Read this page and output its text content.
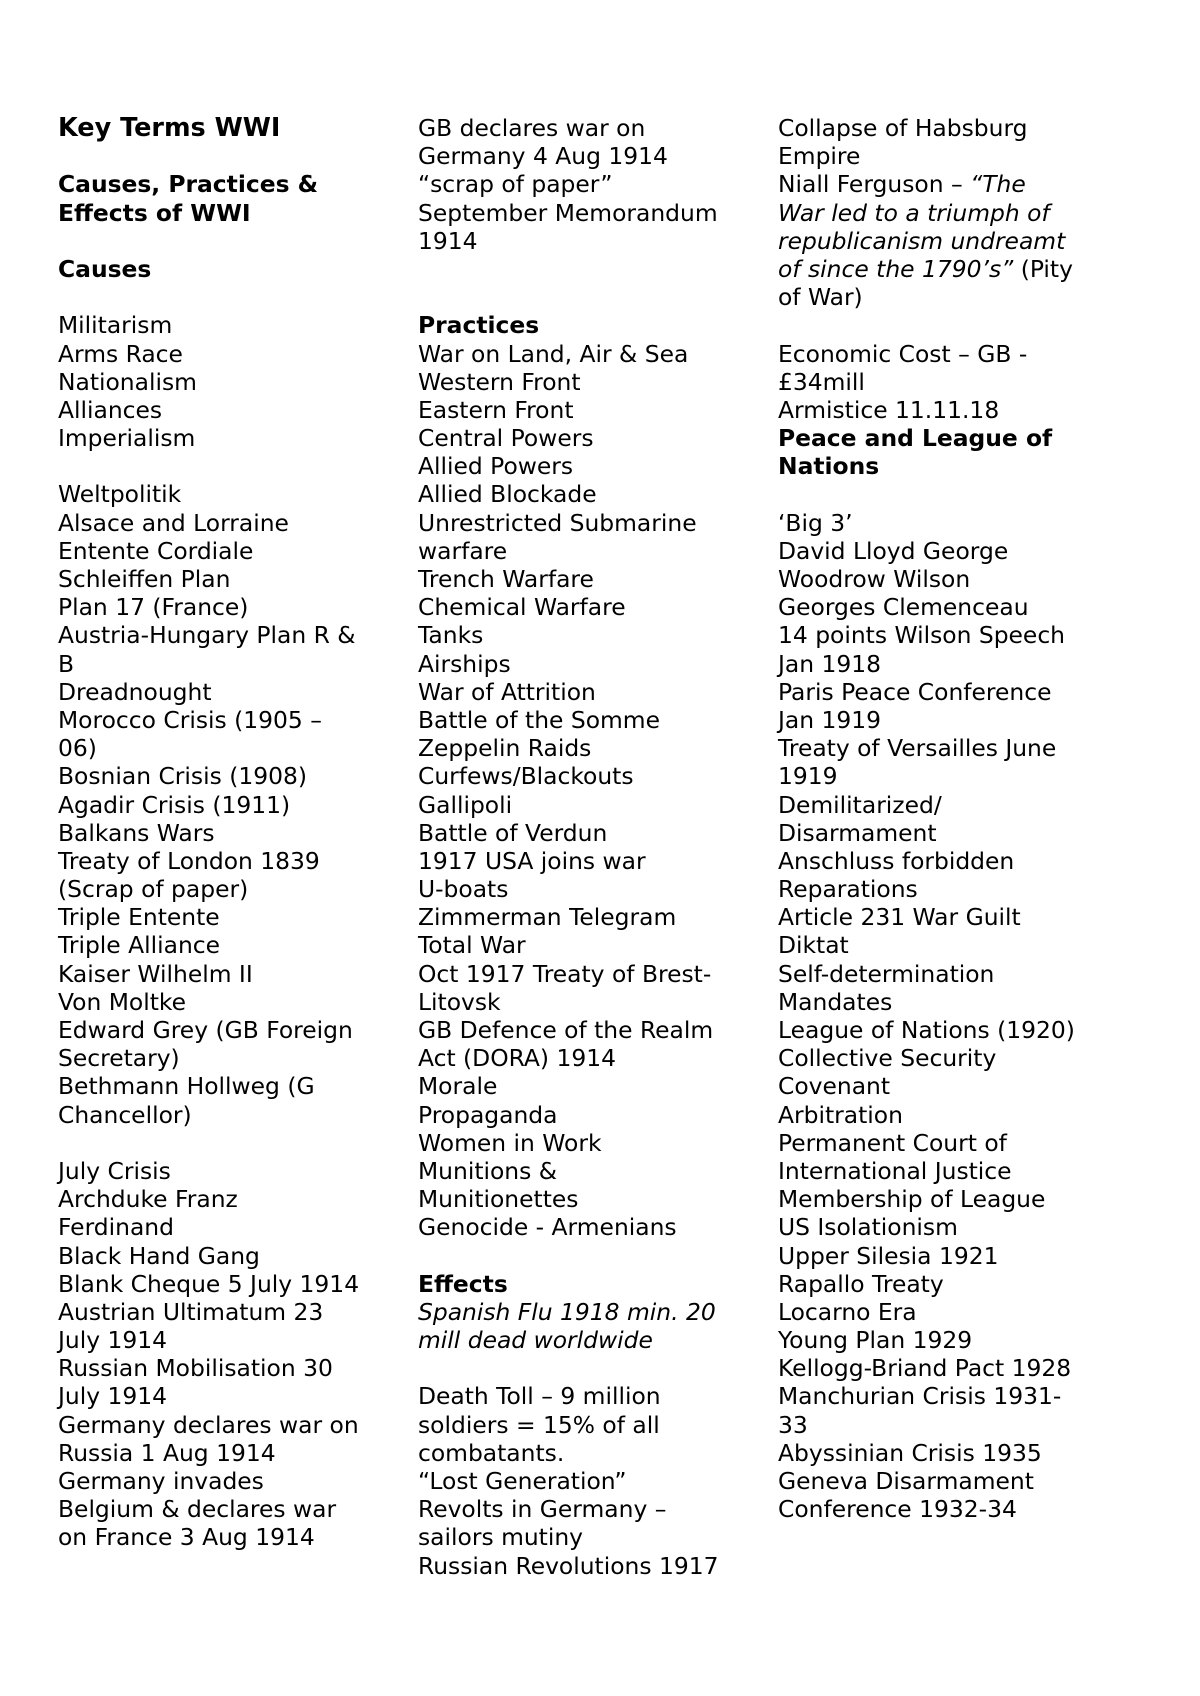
Key Terms WWI
Causes, Practices &
Effects of WWI
Causes
Militarism
Arms Race
Nationalism
Alliances
Imperialism
Weltpolitik
Alsace and Lorraine
Entente Cordiale
Schleiffen Plan
Plan 17 (France)
Austria-Hungary Plan R &
B
Dreadnought
Morocco Crisis (1905 –
06)
Bosnian Crisis (1908)
Agadir Crisis (1911)
Balkans Wars
Treaty of London 1839
(Scrap of paper)
Triple Entente
Triple Alliance
Kaiser Wilhelm II
Von Moltke
Edward Grey (GB Foreign
Secretary)
Bethmann Hollweg (G
Chancellor)
July Crisis
Archduke Franz
Ferdinand
Black Hand Gang
Blank Cheque 5 July 1914
Austrian Ultimatum 23
July 1914
Russian Mobilisation 30
July 1914
Germany declares war on
Russia 1 Aug 1914
Germany invades
Belgium & declares war
on France 3 Aug 1914
GB declares war on
Germany 4 Aug 1914
“scrap of paper”
September Memorandum
1914
Practices
War on Land, Air & Sea
Western Front
Eastern Front
Central Powers
Allied Powers
Allied Blockade
Unrestricted Submarine
warfare
Trench Warfare
Chemical Warfare
Tanks
Airships
War of Attrition
Battle of the Somme
Zeppelin Raids
Curfews/Blackouts
Gallipoli
Battle of Verdun
1917 USA joins war
U-boats
Zimmerman Telegram
Total War
Oct 1917 Treaty of Brest-
Litovsk
GB Defence of the Realm
Act (DORA) 1914
Morale
Propaganda
Women in Work
Munitions &
Munitionettes
Genocide - Armenians
Effects
Spanish Flu 1918 min. 20
mill dead worldwide
Death Toll – 9 million
soldiers = 15% of all
combatants.
“Lost Generation”
Revolts in Germany –
sailors mutiny
Russian Revolutions 1917
Collapse of Habsburg
Empire
Niall Ferguson – “The
War led to a triumph of
republicanism undreamt
of since the 1790’s” (Pity
of War)
Economic Cost – GB -
£34mill
Armistice 11.11.18
Peace and League of
Nations
‘Big 3’
David Lloyd George
Woodrow Wilson
Georges Clemenceau
14 points Wilson Speech
Jan 1918
Paris Peace Conference
Jan 1919
Treaty of Versailles June
1919
Demilitarized/
Disarmament
Anschluss forbidden
Reparations
Article 231 War Guilt
Diktat
Self-determination
Mandates
League of Nations (1920)
Collective Security
Covenant
Arbitration
Permanent Court of
International Justice
Membership of League
US Isolationism
Upper Silesia 1921
Rapallo Treaty
Locarno Era
Young Plan 1929
Kellogg-Briand Pact 1928
Manchurian Crisis 1931-
33
Abyssinian Crisis 1935
Geneva Disarmament
Conference 1932-34
